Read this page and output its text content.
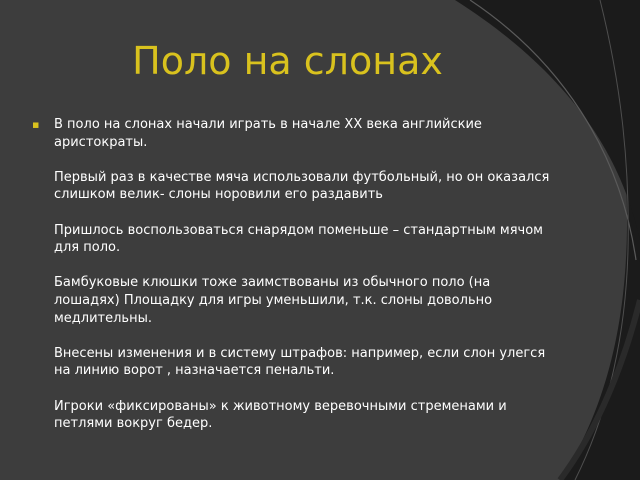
Поло на слонах
▪ В поло на слонах начали играть в начале XX века английские аристократы.
Первый раз в качестве мяча использовали футбольный, но он оказался слишком велик- слоны норовили его раздавить
Пришлось воспользоваться снарядом поменьше – стандартным мячом для поло.
Бамбуковые клюшки тоже заимствованы из обычного поло (на лошадях) Площадку для игры уменьшили, т.к. слоны довольно медлительны.
Внесены изменения и в систему штрафов: например, если слон улегся на линию ворот , назначается пенальти.
Игроки «фиксированы» к животному веревочными стременами и петлями вокруг бедер.
